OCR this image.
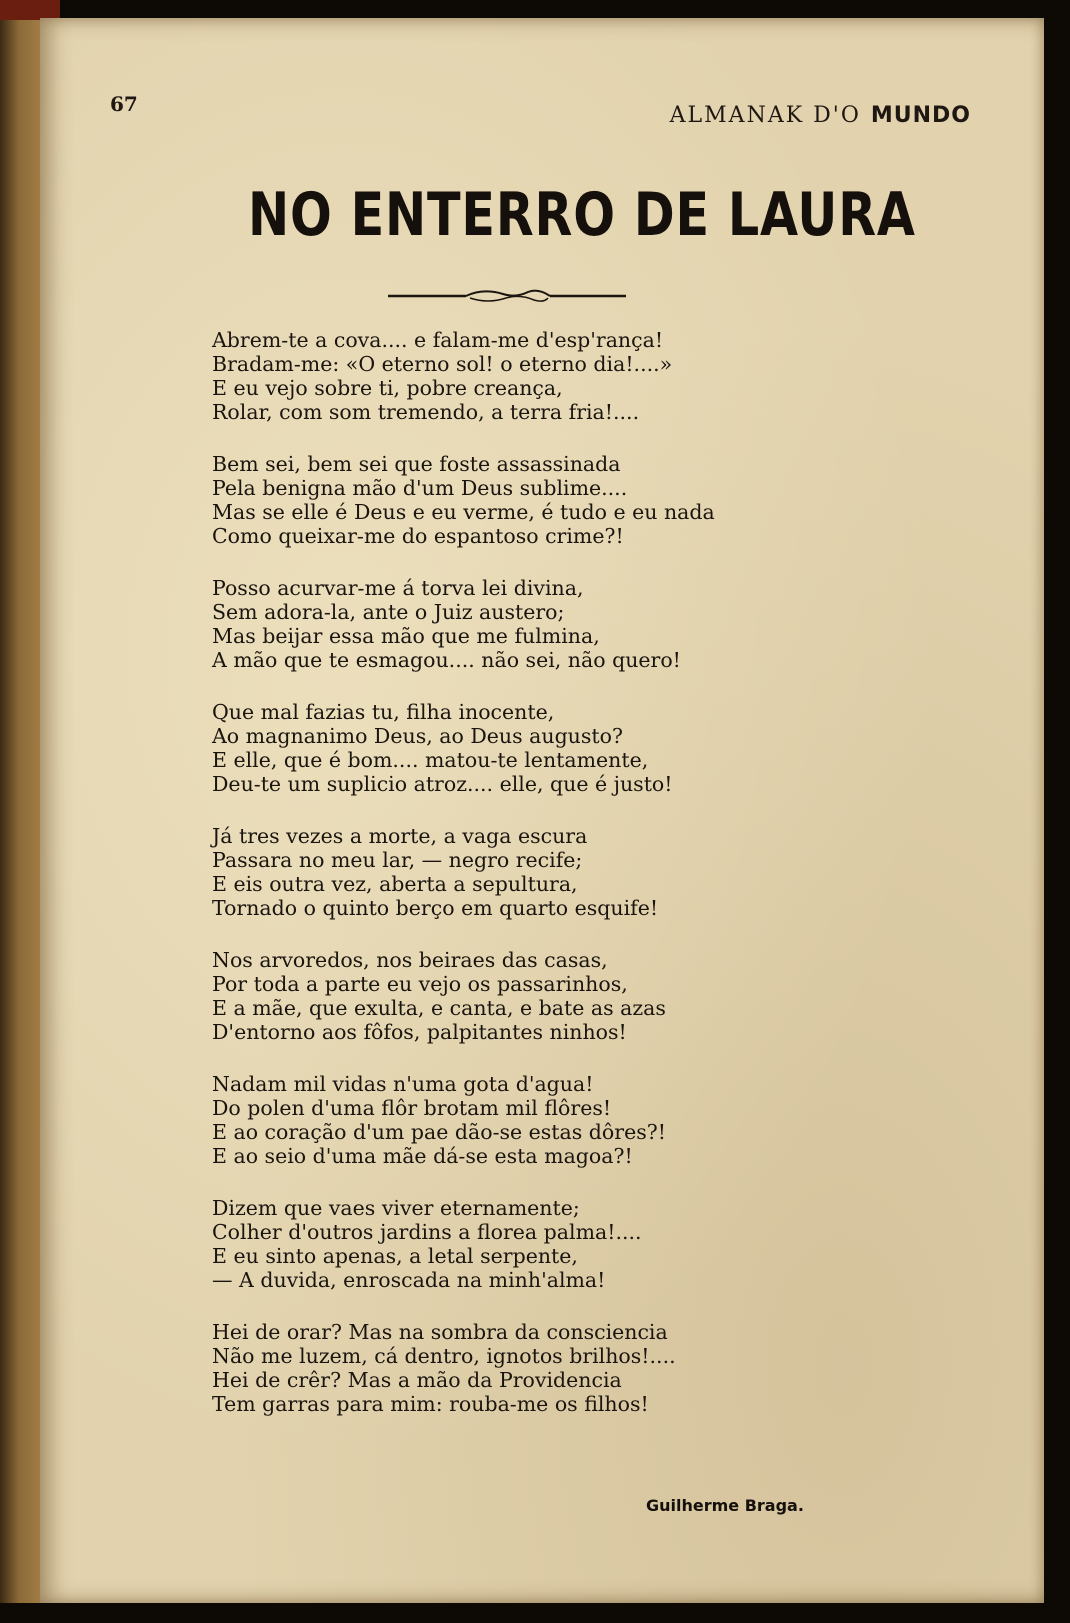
67	ALMANAK D'O MUNDO
NO ENTERRO DE LAURA
Abrem-te a cova.... e falam-me d'esp'rança!
Bradam-me: «O eterno sol! o eterno dia!....»
E eu vejo sobre ti, pobre creança,
Rolar, com som tremendo, a terra fria!....
Bem sei, bem sei que foste assassinada
Pela benigna mão d'um Deus sublime....
Mas se elle é Deus e eu verme, é tudo e eu nada
Como queixar-me do espantoso crime?!
Posso acurvar-me á torva lei divina,
Sem adora-la, ante o Juiz austero;
Mas beijar essa mão que me fulmina,
A mão que te esmagou.... não sei, não quero!
Que mal fazias tu, filha inocente,
Ao magnanimo Deus, ao Deus augusto?
E elle, que é bom.... matou-te lentamente,
Deu-te um suplicio atroz.... elle, que é justo!
Já tres vezes a morte, a vaga escura
Passara no meu lar, — negro recife;
E eis outra vez, aberta a sepultura,
Tornado o quinto berço em quarto esquife!
Nos arvoredos, nos beiraes das casas,
Por toda a parte eu vejo os passarinhos,
E a mãe, que exulta, e canta, e bate as azas
D'entorno aos fôfos, palpitantes ninhos!
Nadam mil vidas n'uma gota d'agua!
Do polen d'uma flôr brotam mil flôres!
E ao coração d'um pae dão-se estas dôres?!
E ao seio d'uma mãe dá-se esta magoa?!
Dizem que vaes viver eternamente;
Colher d'outros jardins a florea palma!....
E eu sinto apenas, a letal serpente,
— A duvida, enroscada na minh'alma!
Hei de orar? Mas na sombra da consciencia
Não me luzem, cá dentro, ignotos brilhos!....
Hei de crêr? Mas a mão da Providencia
Tem garras para mim: rouba-me os filhos!
Guilherme Braga.
